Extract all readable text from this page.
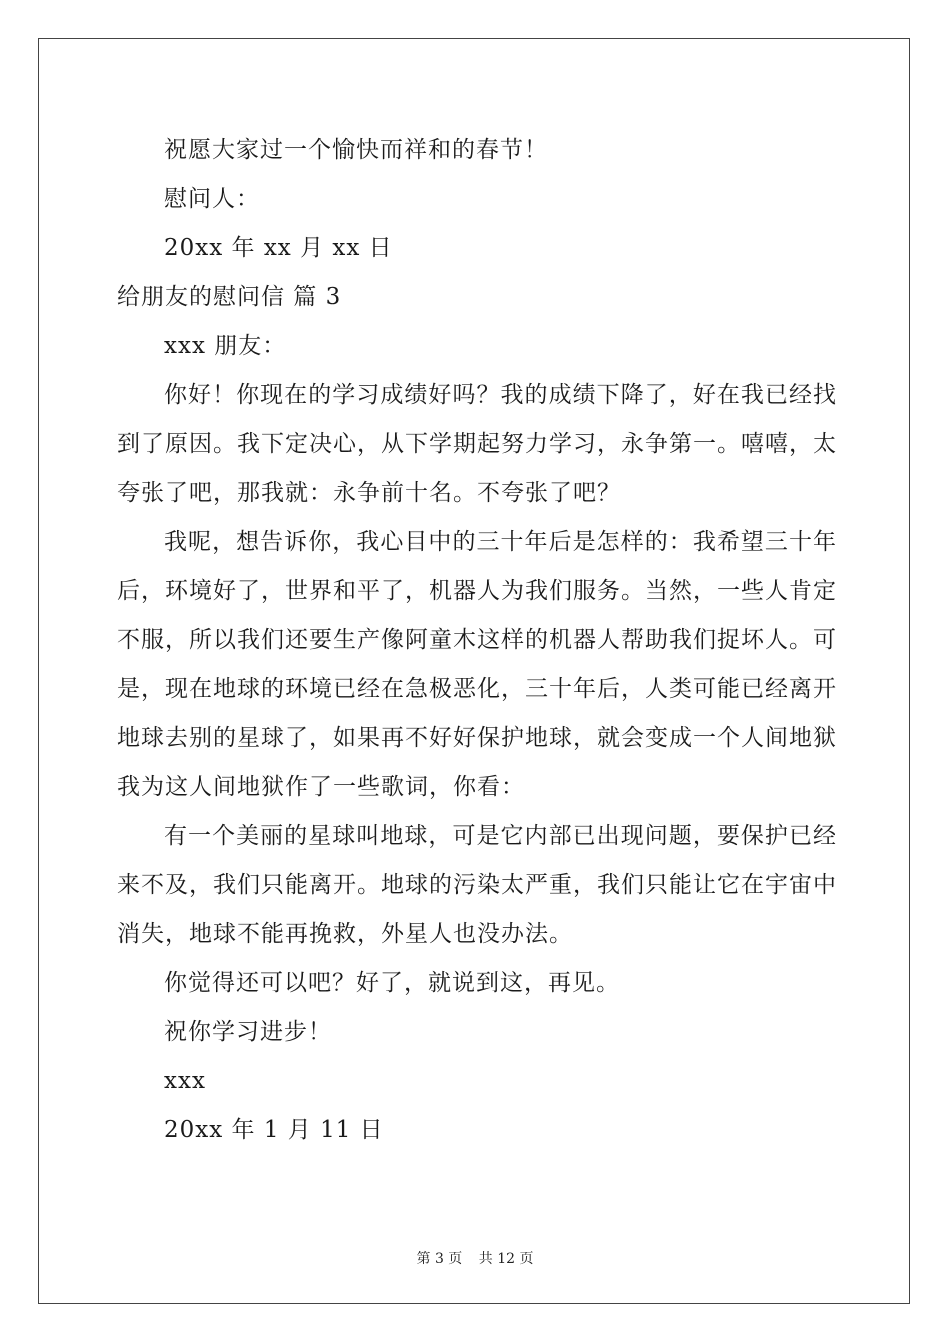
祝愿大家过一个愉快而祥和的春节！
慰问人：
20xx 年 xx 月 xx 日
给朋友的慰问信 篇 3
xxx 朋友：

你好！你现在的学习成绩好吗？我的成绩下降了，好在我已经找到了原因。我下定决心，从下学期起努力学习，永争第一。嘻嘻，太夸张了吧，那我就：永争前十名。不夸张了吧？

我呢，想告诉你，我心目中的三十年后是怎样的：我希望三十年后，环境好了，世界和平了，机器人为我们服务。当然，一些人肯定不服，所以我们还要生产像阿童木这样的机器人帮助我们捉坏人。可是，现在地球的环境已经在急极恶化，三十年后，人类可能已经离开地球去别的星球了，如果再不好好保护地球，就会变成一个人间地狱我为这人间地狱作了一些歌词，你看：

有一个美丽的星球叫地球，可是它内部已出现问题，要保护已经来不及，我们只能离开。地球的污染太严重，我们只能让它在宇宙中消失，地球不能再挽救，外星人也没办法。

你觉得还可以吧？好了，就说到这，再见。
祝你学习进步！
xxx
20xx 年 1 月 11 日
第 3 页 共 12 页
